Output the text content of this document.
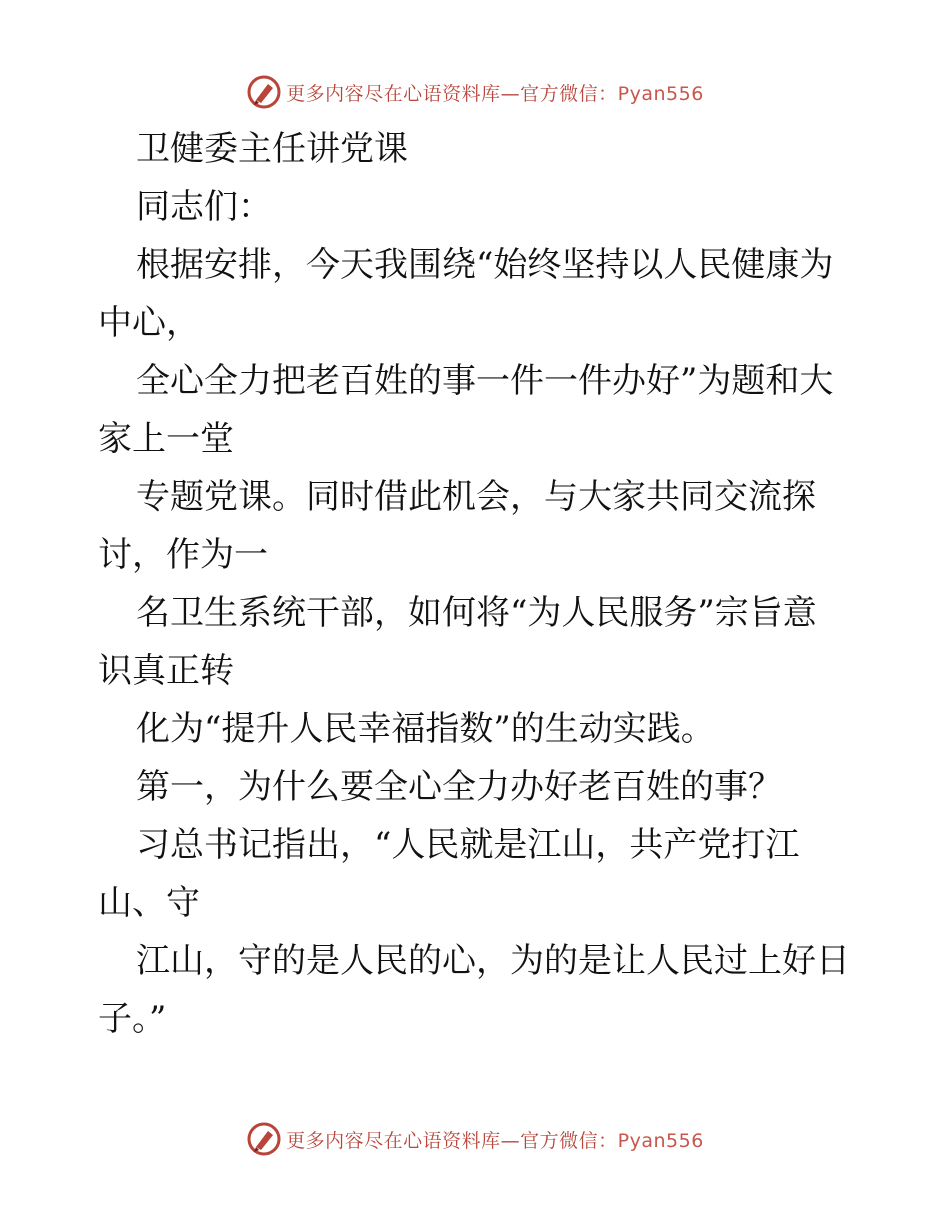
更多内容尽在心语资料库—官方微信：Pyan556

卫健委主任讲党课

同志们：

根据安排，今天我围绕“始终坚持以人民健康为

中心，

全心全力把老百姓的事一件一件办好”为题和大

家上一堂

专题党课。同时借此机会，与大家共同交流探

讨，作为一

名卫生系统干部，如何将“为人民服务”宗旨意

识真正转

化为“提升人民幸福指数”的生动实践。

第一，为什么要全心全力办好老百姓的事？

习总书记指出，“人民就是江山，共产党打江

山、守

江山，守的是人民的心，为的是让人民过上好日

子。”

更多内容尽在心语资料库—官方微信：Pyan556
